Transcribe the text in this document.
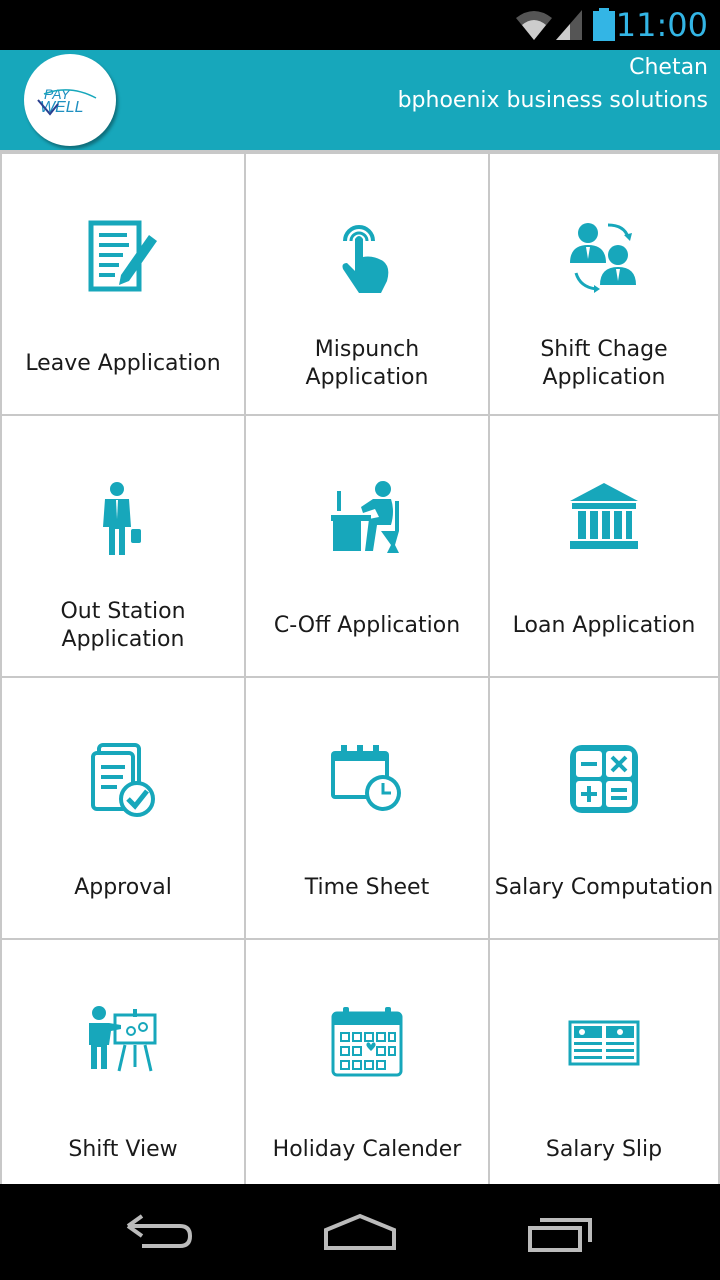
11:00
PAY
WELL
Chetan
bphoenix business solutions
Leave Application
Mispunch
Application
Shift Chage
Application
Out Station
Application
C-Off Application	Loan Application
Approval	Time Sheet	Salary Computation
Shift View	Holiday Calender	Salary Slip
